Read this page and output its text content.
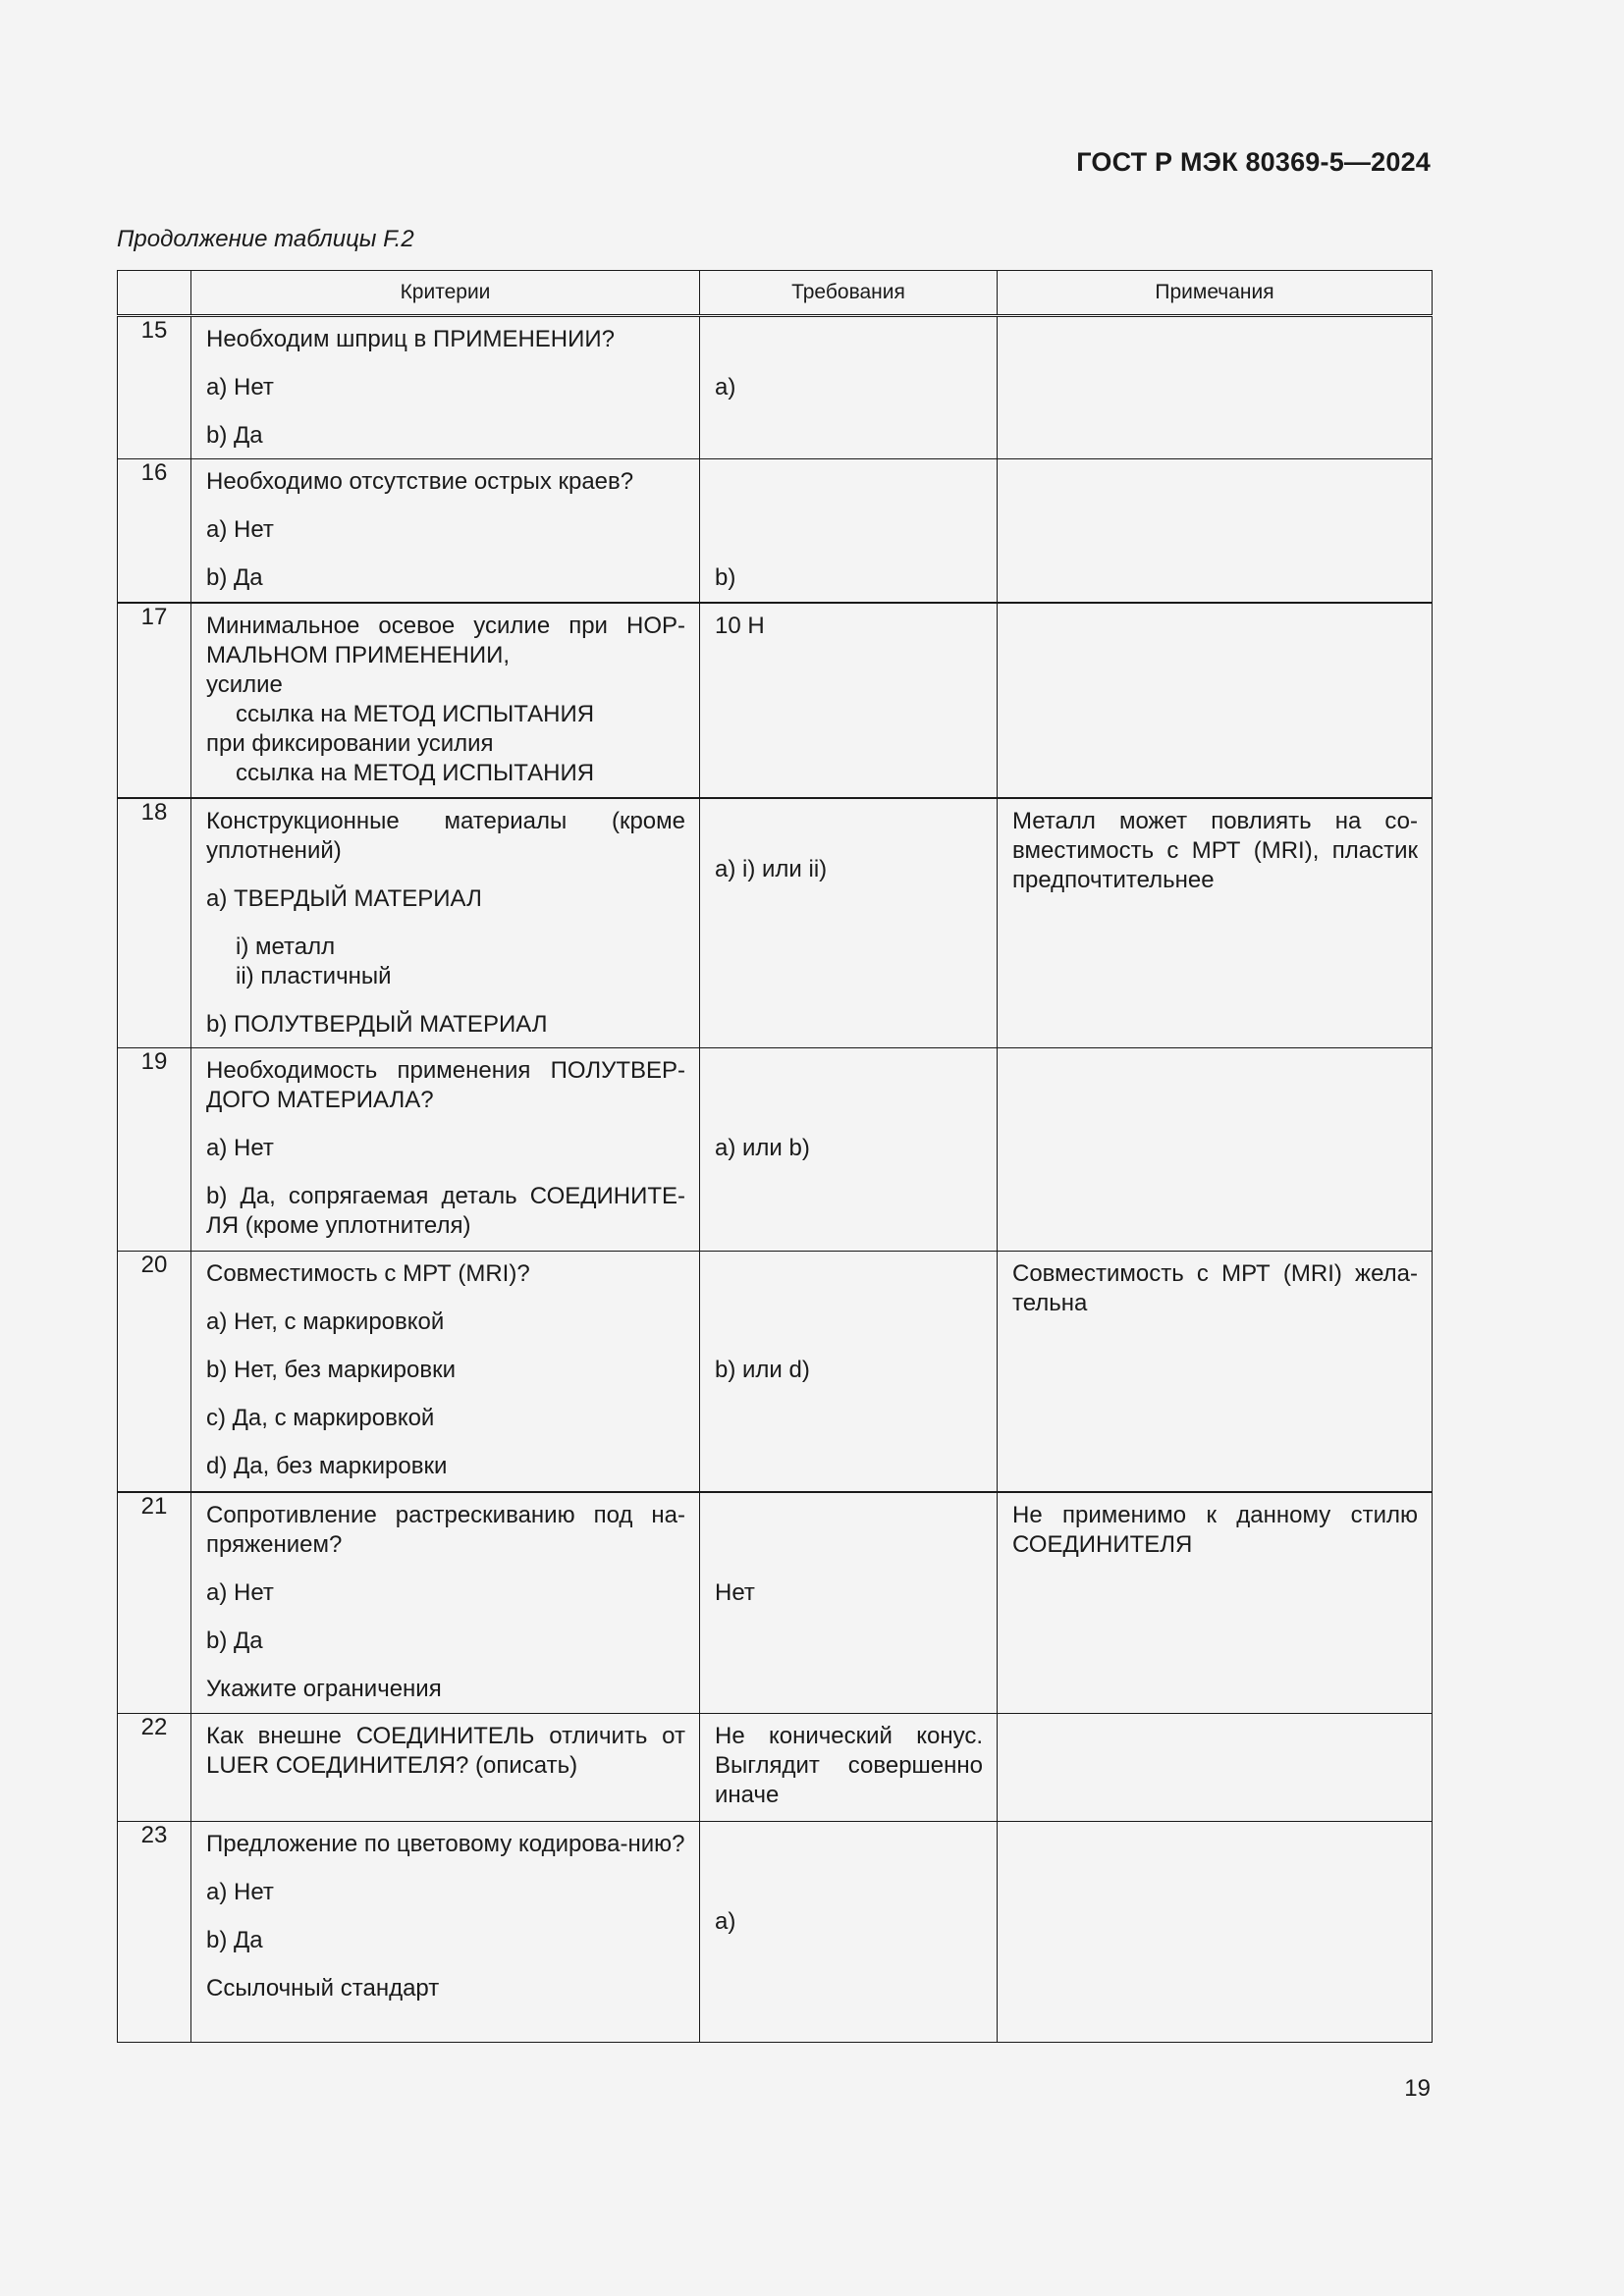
ГОСТ Р МЭК 80369-5—2024
Продолжение таблицы F.2
	Критерии	Требования	Примечания
15	Необходим шприц в ПРИМЕНЕНИИ?
a) Нет
b) Да	a)	

16	Необходимо отсутствие острых краев?
a) Нет
b) Да	b)	

17	Минимальное осевое усилие при НОР-МАЛЬНОМ ПРИМЕНЕНИИ,
усилие
ссылка на МЕТОД ИСПЫТАНИЯ
при фиксировании усилия
ссылка на МЕТОД ИСПЫТАНИЯ	10 Н	

18	Конструкционные материалы (кроме уплотнений)
a) ТВЕРДЫЙ МАТЕРИАЛ
i) металл
ii) пластичный
b) ПОЛУТВЕРДЫЙ МАТЕРИАЛ	a) i) или ii)	Металл может повлиять на со-вместимость с МРТ (MRI), пластик предпочтительнее

19	Необходимость применения ПОЛУТВЕР-ДОГО МАТЕРИАЛА?
a) Нет
b) Да, сопрягаемая деталь СОЕДИНИТЕ-ЛЯ (кроме уплотнителя)	a) или b)	

20	Совместимость с МРТ (MRI)?
a) Нет, с маркировкой
b) Нет, без маркировки
c) Да, с маркировкой
d) Да, без маркировки	b) или d)	Совместимость с МРТ (MRI) жела-тельна

21	Сопротивление растрескиванию под на-пряжением?
a) Нет
b) Да
Укажите ограничения	Нет	Не применимо к данному стилю СОЕДИНИТЕЛЯ

22	Как внешне СОЕДИНИТЕЛЬ отличить от LUER СОЕДИНИТЕЛЯ? (описать)	Не конический конус. Выглядит совершенно иначе	

23	Предложение по цветовому кодирова-нию?
a) Нет
b) Да
Ссылочный стандарт	a)	

19
